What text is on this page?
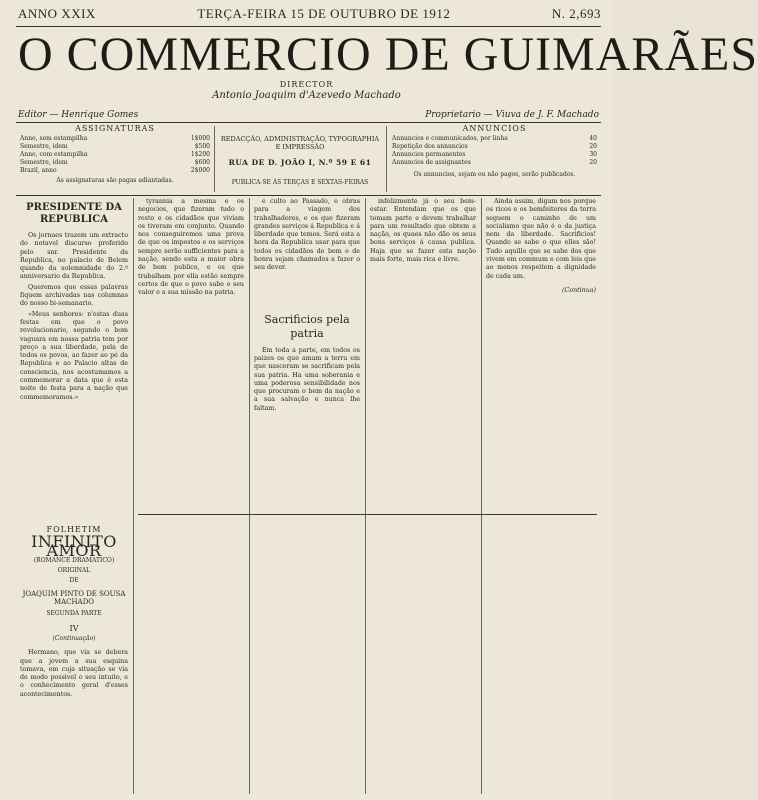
ANNO XXIX	TERÇA-FEIRA 15 DE OUTUBRO DE 1912	N. 2,693
O COMMERCIO DE GUIMARÃES
DIRECTOR
Antonio Joaquim d'Azevedo Machado
Editor — Henrique Gomes	Proprietario — Viuva de J. F. Machado
ASSIGNATURAS
Anno, sem estampilha	1$000
Semestre, idem	$500
Anno, com estampilha	1$200
Semestre, idem	$600
Brazil, anno	2$000
As assignaturas são pagas adiantadas.
REDACÇÃO, ADMINISTRAÇÃO, TYPOGRAPHIA E IMPRESSÃO
RUA DE D. JOÃO I, N.º 59 E 61
PUBLICA-SE ÁS TERÇAS E SEXTAS-FEIRAS
ANNUNCIOS
Annuncios e communicados, por linha	40
Repetição dos annuncios	20
Annuncios permanentes	30
Annuncios de assignantes	20
Os annuncios, sejam ou não pagos, serão publicados.
PRESIDENTE DA REPUBLICA

Os jornaes trazem um extracto do notavel discurso proferido pelo snr. Presidente da Republica, no palacio de Belem quando da solemnidade do 2.º anniversario da Republica.

Queremos que essas palavras fiquem archivadas nas columnas do nosso bi-semanario.

«Meus senhores: n'estas duas festas em que o povo revolucionario, segundo o bom vaguara em nossa patria tem por preço a sua liberdade, pela de todos os povos, ao fazer ao pé da Republica e ao Palacio altas de consciencia, nos acostumamos a commemorar a data que é esta noite de festa para a nação que commemoramos.»

FOLHETIM
INFINITO AMOR
(ROMANCE DRAMATICO)
ORIGINAL
DE
JOAQUIM PINTO DE SOUSA MACHADO
SEGUNDA PARTE
IV
(Continuação)

Hermano, que via se debera que a jovem a sua esquina tomava, em cuja situação se via de modo possivel o seu intuito, e o conhecimento geral d'esses acontecimentos.

tyrannia a mesma e os negocios, que fizeram tudo o resto e os cidadãos que viviam os tiveram em conjunto. Quando nos conseguiremos uma prova de que os impostos e os serviços sempre serão sufficientes para a nação, sendo esta a maior obra de bem publico, e os que trabalham por ella estão sempre certos de que o povo sabe o seu valor e a sua missão na patria.

e culto ao Passado, e obras para a viagem dos trabalhadores, e os que fizeram grandes serviços á Republica e á liberdade que temos. Será esta a hora da Republica usar para que todos os cidadãos de bem e de honra sejam chamados a fazer o seu dever.

Sacrificios pela patria

Em toda a parte, em todos os paizes os que amam a terra em que nasceram se sacrificam pela sua patria. Ha uma soberania e uma poderosa sensibilidade nos que procuram o bem da nação e a sua salvação e nunca lhe faltam.

infelizmente já o seu bem-estar. Entendam que os que tomam parte e devem trabalhar para um resultado que obtem a nação, os quaes não dão os seus bons serviços á causa publica. Haja que se fazer esta nação mais forte, mais rica e livre.

Ainda assim, digam nos porque os ricos e os bemfeitores da terra seguem o caminho de um socialismo que não é o da justiça nem da liberdade. Sacrificios! Quando se sabe o que elles são! Tudo aquillo que se sabe dos que vivem em commum e com leis que ao menos respeitem a dignidade de cada um.

(Continua)
